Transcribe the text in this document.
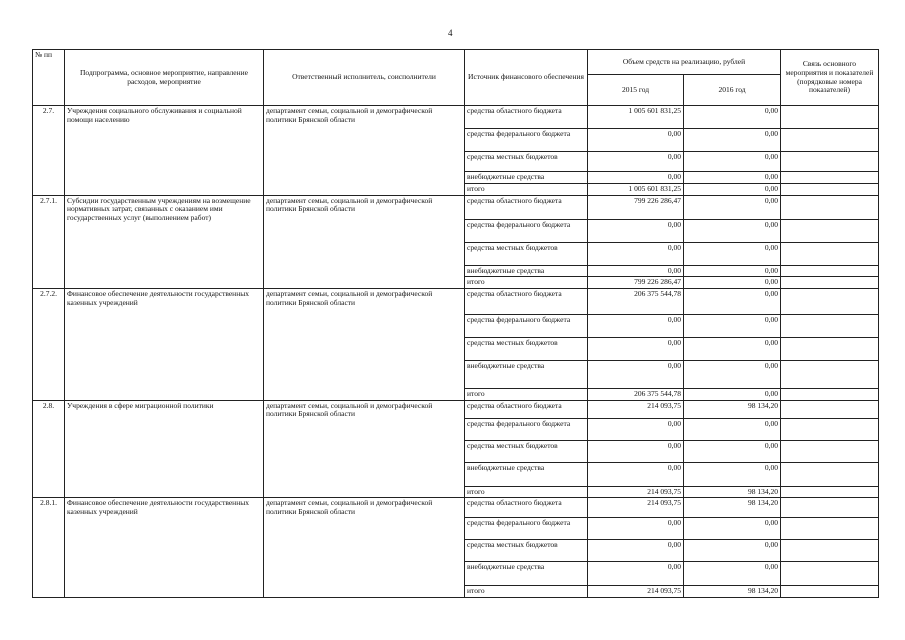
4
№ пп	Подпрограмма, основное мероприятие, направление расходов, мероприятие	Ответственный исполнитель, соисполнители	Источник финансового обеспечения	Объем средств на реализацию, рублей		Связь основного мероприятия и показателей (порядковые номера показателей)
				2015 год	2016 год	
2.7.	Учреждения социального обслуживания и социальной помощи населению	департамент семьи, социальной и демографической политики Брянской области	средства областного бюджета	1 005 601 831,25	0,00	
			средства федерального бюджета	0,00	0,00	
			средства местных бюджетов	0,00	0,00	
			внебюджетные средства	0,00	0,00	
			итого	1 005 601 831,25	0,00	
2.7.1.	Субсидии государственным учреждениям на возмещение нормативных затрат, связанных с оказанием ими государственных услуг (выполнением работ)	департамент семьи, социальной и демографической политики Брянской области	средства областного бюджета	799 226 286,47	0,00	
			средства федерального бюджета	0,00	0,00	
			средства местных бюджетов	0,00	0,00	
			внебюджетные средства	0,00	0,00	
			итого	799 226 286,47	0,00	
2.7.2.	Финансовое обеспечение деятельности государственных казенных учреждений	департамент семьи, социальной и демографической политики Брянской области	средства областного бюджета	206 375 544,78	0,00	
			средства федерального бюджета	0,00	0,00	
			средства местных бюджетов	0,00	0,00	
			внебюджетные средства	0,00	0,00	
			итого	206 375 544,78	0,00	
2.8.	Учреждения в сфере миграционной политики	департамент семьи, социальной и демографической политики Брянской области	средства областного бюджета	214 093,75	98 134,20	
			средства федерального бюджета	0,00	0,00	
			средства местных бюджетов	0,00	0,00	
			внебюджетные средства	0,00	0,00	
			итого	214 093,75	98 134,20	
2.8.1.	Финансовое обеспечение деятельности государственных казенных учреждений	департамент семьи, социальной и демографической политики Брянской области	средства областного бюджета	214 093,75	98 134,20	
			средства федерального бюджета	0,00	0,00	
			средства местных бюджетов	0,00	0,00	
			внебюджетные средства	0,00	0,00	
			итого	214 093,75	98 134,20	
